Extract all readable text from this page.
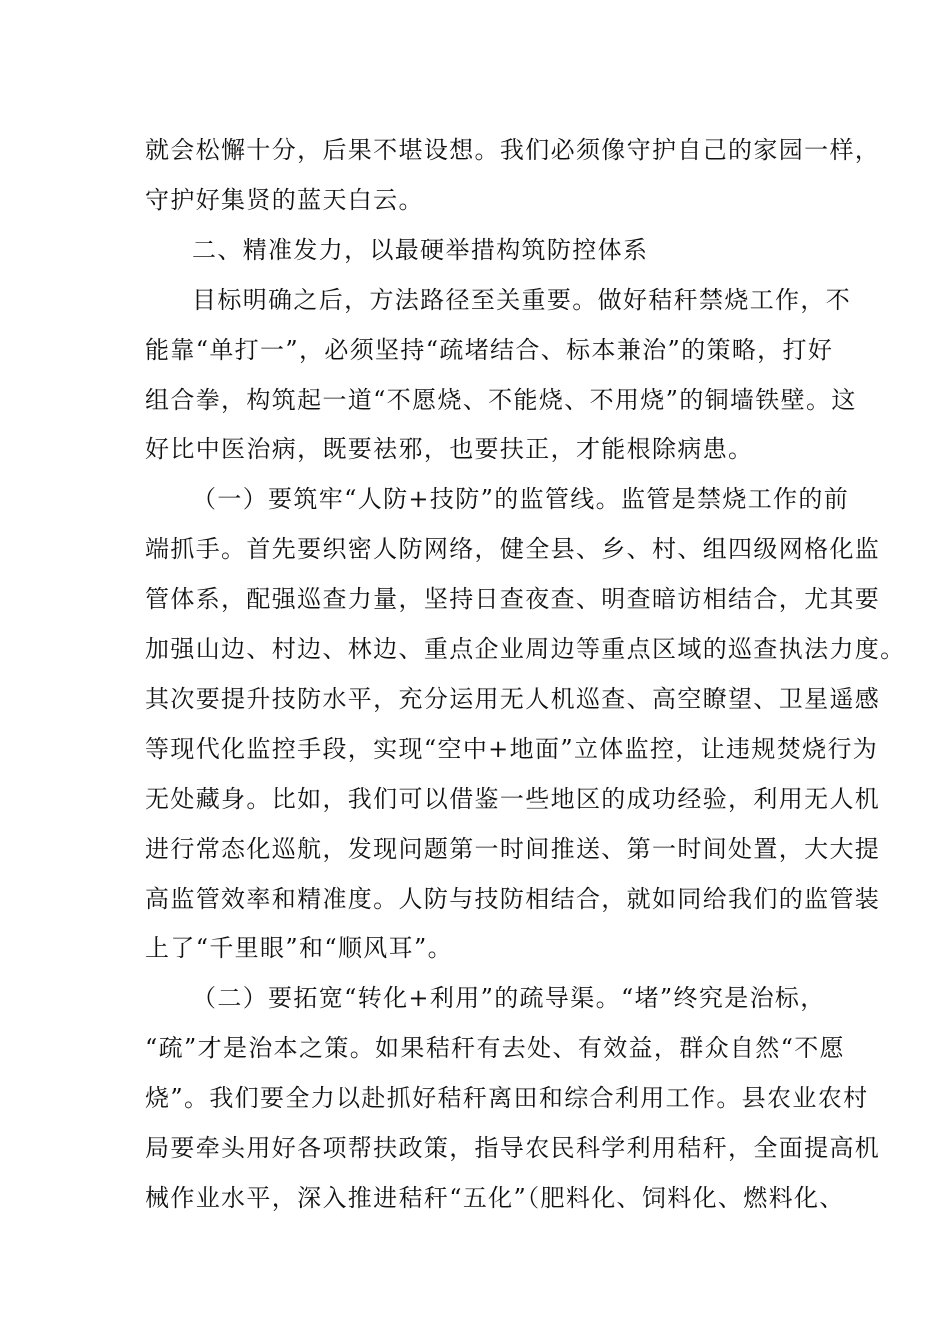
就会松懈十分，后果不堪设想。我们必须像守护自己的家园一样，
守护好集贤的蓝天白云。
二、精准发力，以最硬举措构筑防控体系
目标明确之后，方法路径至关重要。做好秸秆禁烧工作，不
能靠“单打一”，必须坚持“疏堵结合、标本兼治”的策略，打好
组合拳，构筑起一道“不愿烧、不能烧、不用烧”的铜墙铁壁。这
好比中医治病，既要祛邪，也要扶正，才能根除病患。
（一）要筑牢“人防+技防”的监管线。监管是禁烧工作的前
端抓手。首先要织密人防网络，健全县、乡、村、组四级网格化监
管体系，配强巡查力量，坚持日查夜查、明查暗访相结合，尤其要
加强山边、村边、林边、重点企业周边等重点区域的巡查执法力度。
其次要提升技防水平，充分运用无人机巡查、高空瞭望、卫星遥感
等现代化监控手段，实现“空中+地面”立体监控，让违规焚烧行为
无处藏身。比如，我们可以借鉴一些地区的成功经验，利用无人机
进行常态化巡航，发现问题第一时间推送、第一时间处置，大大提
高监管效率和精准度。人防与技防相结合，就如同给我们的监管装
上了“千里眼”和“顺风耳”。
（二）要拓宽“转化+利用”的疏导渠。“堵”终究是治标，
“疏”才是治本之策。如果秸秆有去处、有效益，群众自然“不愿
烧”。我们要全力以赴抓好秸秆离田和综合利用工作。县农业农村
局要牵头用好各项帮扶政策，指导农民科学利用秸秆，全面提高机
械作业水平，深入推进秸秆“五化”（肥料化、饲料化、燃料化、
